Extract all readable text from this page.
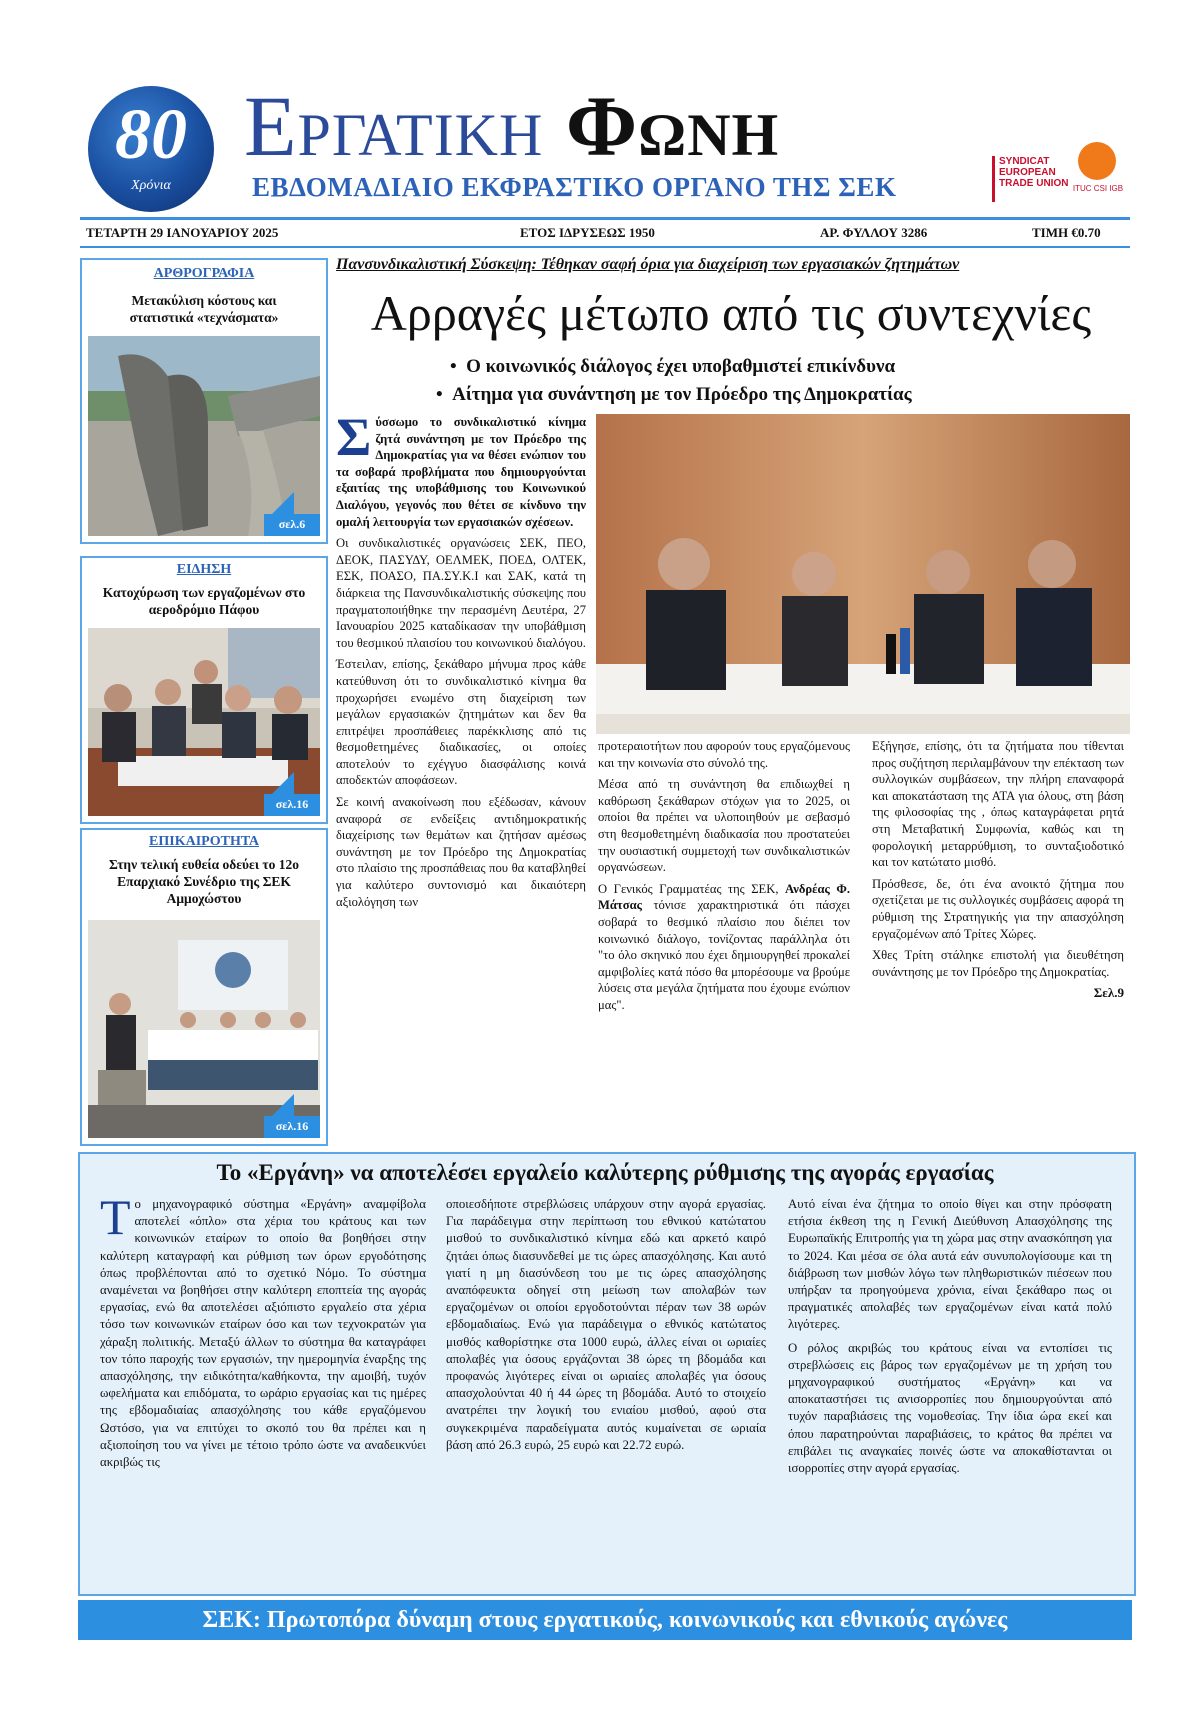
80
Χρόνια
Εργατικη Φωνη
ΕΒΔΟΜΑΔΙΑΙΟ ΕΚΦΡΑΣΤΙΚΟ ΟΡΓΑΝΟ ΤΗΣ ΣΕΚ
SYNDICAT EUROPEAN TRADE UNION ITUC CSI IGB
ΤΕΤΑΡΤΗ 29 ΙΑΝΟΥΑΡΙΟΥ 2025	ΕΤΟΣ ΙΔΡΥΣΕΩΣ 1950	ΑΡ. ΦΥΛΛΟΥ 3286	ΤΙΜΗ €0.70
ΑΡΘΡΟΓΡΑΦΙΑ
Μετακύλιση κόστους και στατιστικά «τεχνάσματα»
σελ.6
ΕΙΔΗΣΗ
Κατοχύρωση των εργαζομένων στο αεροδρόμιο Πάφου
σελ.16
ΕΠΙΚΑΙΡΟΤΗΤΑ
Στην τελική ευθεία οδεύει το 12ο Επαρχιακό Συνέδριο της ΣΕΚ Αμμοχώστου
σελ.16
Πανσυνδικαλιστική Σύσκεψη: Τέθηκαν σαφή όρια για διαχείριση των εργασιακών ζητημάτων
Αρραγές μέτωπο από τις συντεχνίες
•  Ο κοινωνικός διάλογος έχει υποβαθμιστεί επικίνδυνα
•  Αίτημα για συνάντηση με τον Πρόεδρο της Δημοκρατίας

Σύσσωμο το συνδικαλιστικό κίνημα ζητά συνάντηση με τον Πρόεδρο της Δημοκρατίας για να θέσει ενώπιον του τα σοβαρά προβλήματα που δημιουργούνται εξαιτίας της υποβάθμισης του Κοινωνικού Διαλόγου, γεγονός που θέτει σε κίνδυνο την ομαλή λειτουργία των εργασιακών σχέσεων.

Οι συνδικαλιστικές οργανώσεις ΣΕΚ, ΠΕΟ, ΔΕΟΚ, ΠΑΣΥΔΥ, ΟΕΛΜΕΚ, ΠΟΕΔ, ΟΛΤΕΚ, ΕΣΚ, ΠΟΑΣΟ, ΠΑ.ΣΥ.Κ.Ι και ΣΑΚ, κατά τη διάρκεια της Πανσυνδικαλιστικής σύσκεψης που πραγματοποιήθηκε την περασμένη Δευτέρα, 27 Ιανουαρίου 2025 καταδίκασαν την υποβάθμιση του θεσμικού πλαισίου του κοινωνικού διαλόγου.

Έστειλαν, επίσης, ξεκάθαρο μήνυμα προς κάθε κατεύθυνση ότι το συνδικαλιστικό κίνημα θα προχωρήσει ενωμένο στη διαχείριση των μεγάλων εργασιακών ζητημάτων και δεν θα επιτρέψει προσπάθειες παρέκκλισης από τις θεσμοθετημένες διαδικασίες, οι οποίες αποτελούν το εχέγγυο διασφάλισης κοινά αποδεκτών αποφάσεων.

Σε κοινή ανακοίνωση που εξέδωσαν, κάνουν αναφορά σε ενδείξεις αντιδημοκρατικής διαχείρισης των θεμάτων και ζητήσαν αμέσως συνάντηση με τον Πρόεδρο της Δημοκρατίας στο πλαίσιο της προσπάθειας που θα καταβληθεί για καλύτερο συντονισμό και δικαιότερη αξιολόγηση των

προτεραιοτήτων που αφορούν τους εργαζόμενους και την κοινωνία στο σύνολό της.

Μέσα από τη συνάντηση θα επιδιωχθεί η καθόρωση ξεκάθαρων στόχων για το 2025, οι οποίοι θα πρέπει να υλοποιηθούν με σεβασμό στη θεσμοθετημένη διαδικασία που προστατεύει την ουσιαστική συμμετοχή των συνδικαλιστικών οργανώσεων.

Ο Γενικός Γραμματέας της ΣΕΚ, Ανδρέας Φ. Μάτσας τόνισε χαρακτηριστικά ότι πάσχει σοβαρά το θεσμικό πλαίσιο που διέπει τον κοινωνικό διάλογο, τονίζοντας παράλληλα ότι "το όλο σκηνικό που έχει δημιουργηθεί προκαλεί αμφιβολίες κατά πόσο θα μπορέσουμε να βρούμε λύσεις στα μεγάλα ζητήματα που έχουμε ενώπιον μας".

Εξήγησε, επίσης, ότι τα ζητήματα που τίθενται προς συζήτηση περιλαμβάνουν την επέκταση των συλλογικών συμβάσεων, την πλήρη επαναφορά και αποκατάσταση της ΑΤΑ για όλους, στη βάση της φιλοσοφίας της , όπως καταγράφεται ρητά στη Μεταβατική Συμφωνία, καθώς και τη φορολογική μεταρρύθμιση, το συνταξιοδοτικό και τον κατώτατο μισθό.

Πρόσθεσε, δε, ότι ένα ανοικτό ζήτημα που σχετίζεται με τις συλλογικές συμβάσεις αφορά τη ρύθμιση της Στρατηγικής για την απασχόληση εργαζομένων από Τρίτες Χώρες.

Χθες Τρίτη στάληκε επιστολή για διευθέτηση συνάντησης με τον Πρόεδρο της Δημοκρατίας.

Σελ.9
Το «Εργάνη» να αποτελέσει εργαλείο καλύτερης ρύθμισης της αγοράς εργασίας

Το μηχανογραφικό σύστημα «Εργάνη» αναμφίβολα αποτελεί «όπλο» στα χέρια του κράτους και των κοινωνικών εταίρων το οποίο θα βοηθήσει στην καλύτερη καταγραφή και ρύθμιση των όρων εργοδότησης όπως προβλέπονται από το σχετικό Νόμο. Το σύστημα αναμένεται να βοηθήσει στην καλύτερη εποπτεία της αγοράς εργασίας, ενώ θα αποτελέσει αξιόπιστο εργαλείο στα χέρια τόσο των κοινωνικών εταίρων όσο και των τεχνοκρατών για χάραξη πολιτικής. Μεταξύ άλλων το σύστημα θα καταγράφει τον τόπο παροχής των εργασιών, την ημερομηνία έναρξης της απασχόλησης, την ειδικότητα/καθήκοντα, την αμοιβή, τυχόν ωφελήματα και επιδόματα, το ωράριο εργασίας και τις ημέρες της εβδομαδιαίας απασχόλησης του κάθε εργαζόμενου Ωστόσο, για να επιτύχει το σκοπό του θα πρέπει και η αξιοποίηση του να γίνει με τέτοιο τρόπο ώστε να αναδεικνύει ακριβώς τις

οποιεσδήποτε στρεβλώσεις υπάρχουν στην αγορά εργασίας. Για παράδειγμα στην περίπτωση του εθνικού κατώτατου μισθού το συνδικαλιστικό κίνημα εδώ και αρκετό καιρό ζητάει όπως διασυνδεθεί με τις ώρες απασχόλησης. Και αυτό γιατί η μη διασύνδεση του με τις ώρες απασχόλησης αναπόφευκτα οδηγεί στη μείωση των απολαβών των εργαζομένων οι οποίοι εργοδοτούνται πέραν των 38 ωρών εβδομαδιαίως. Ενώ για παράδειγμα ο εθνικός κατώτατος μισθός καθορίστηκε στα 1000 ευρώ, άλλες είναι οι ωριαίες απολαβές για όσους εργάζονται 38 ώρες τη βδομάδα και προφανώς λιγότερες είναι οι ωριαίες απολαβές για όσους απασχολούνται 40 ή 44 ώρες τη βδομάδα. Αυτό το στοιχείο ανατρέπει την λογική του ενιαίου μισθού, αφού στα συγκεκριμένα παραδείγματα αυτός κυμαίνεται σε ωριαία βάση από 26.3 ευρώ, 25 ευρώ και 22.72 ευρώ.

Αυτό είναι ένα ζήτημα το οποίο θίγει και στην πρόσφατη ετήσια έκθεση της η Γενική Διεύθυνση Απασχόλησης της Ευρωπαϊκής Επιτροπής για τη χώρα μας στην ανασκόπηση για το 2024. Και μέσα σε όλα αυτά εάν συνυπολογίσουμε και τη διάβρωση των μισθών λόγω των πληθωριστικών πιέσεων που υπήρξαν τα προηγούμενα χρόνια, είναι ξεκάθαρο πως οι πραγματικές απολαβές των εργαζομένων είναι κατά πολύ λιγότερες.

Ο ρόλος ακριβώς του κράτους είναι να εντοπίσει τις στρεβλώσεις εις βάρος των εργαζομένων με τη χρήση του μηχανογραφικού συστήματος «Εργάνη» και να αποκαταστήσει τις ανισορροπίες που δημιουργούνται από τυχόν παραβιάσεις της νομοθεσίας. Την ίδια ώρα εκεί και όπου παρατηρούνται παραβιάσεις, το κράτος θα πρέπει να επιβάλει τις αναγκαίες ποινές ώστε να αποκαθίστανται οι ισορροπίες στην αγορά εργασίας.

ΣΕΚ: Πρωτοπόρα δύναμη στους εργατικούς, κοινωνικούς και εθνικούς αγώνες
